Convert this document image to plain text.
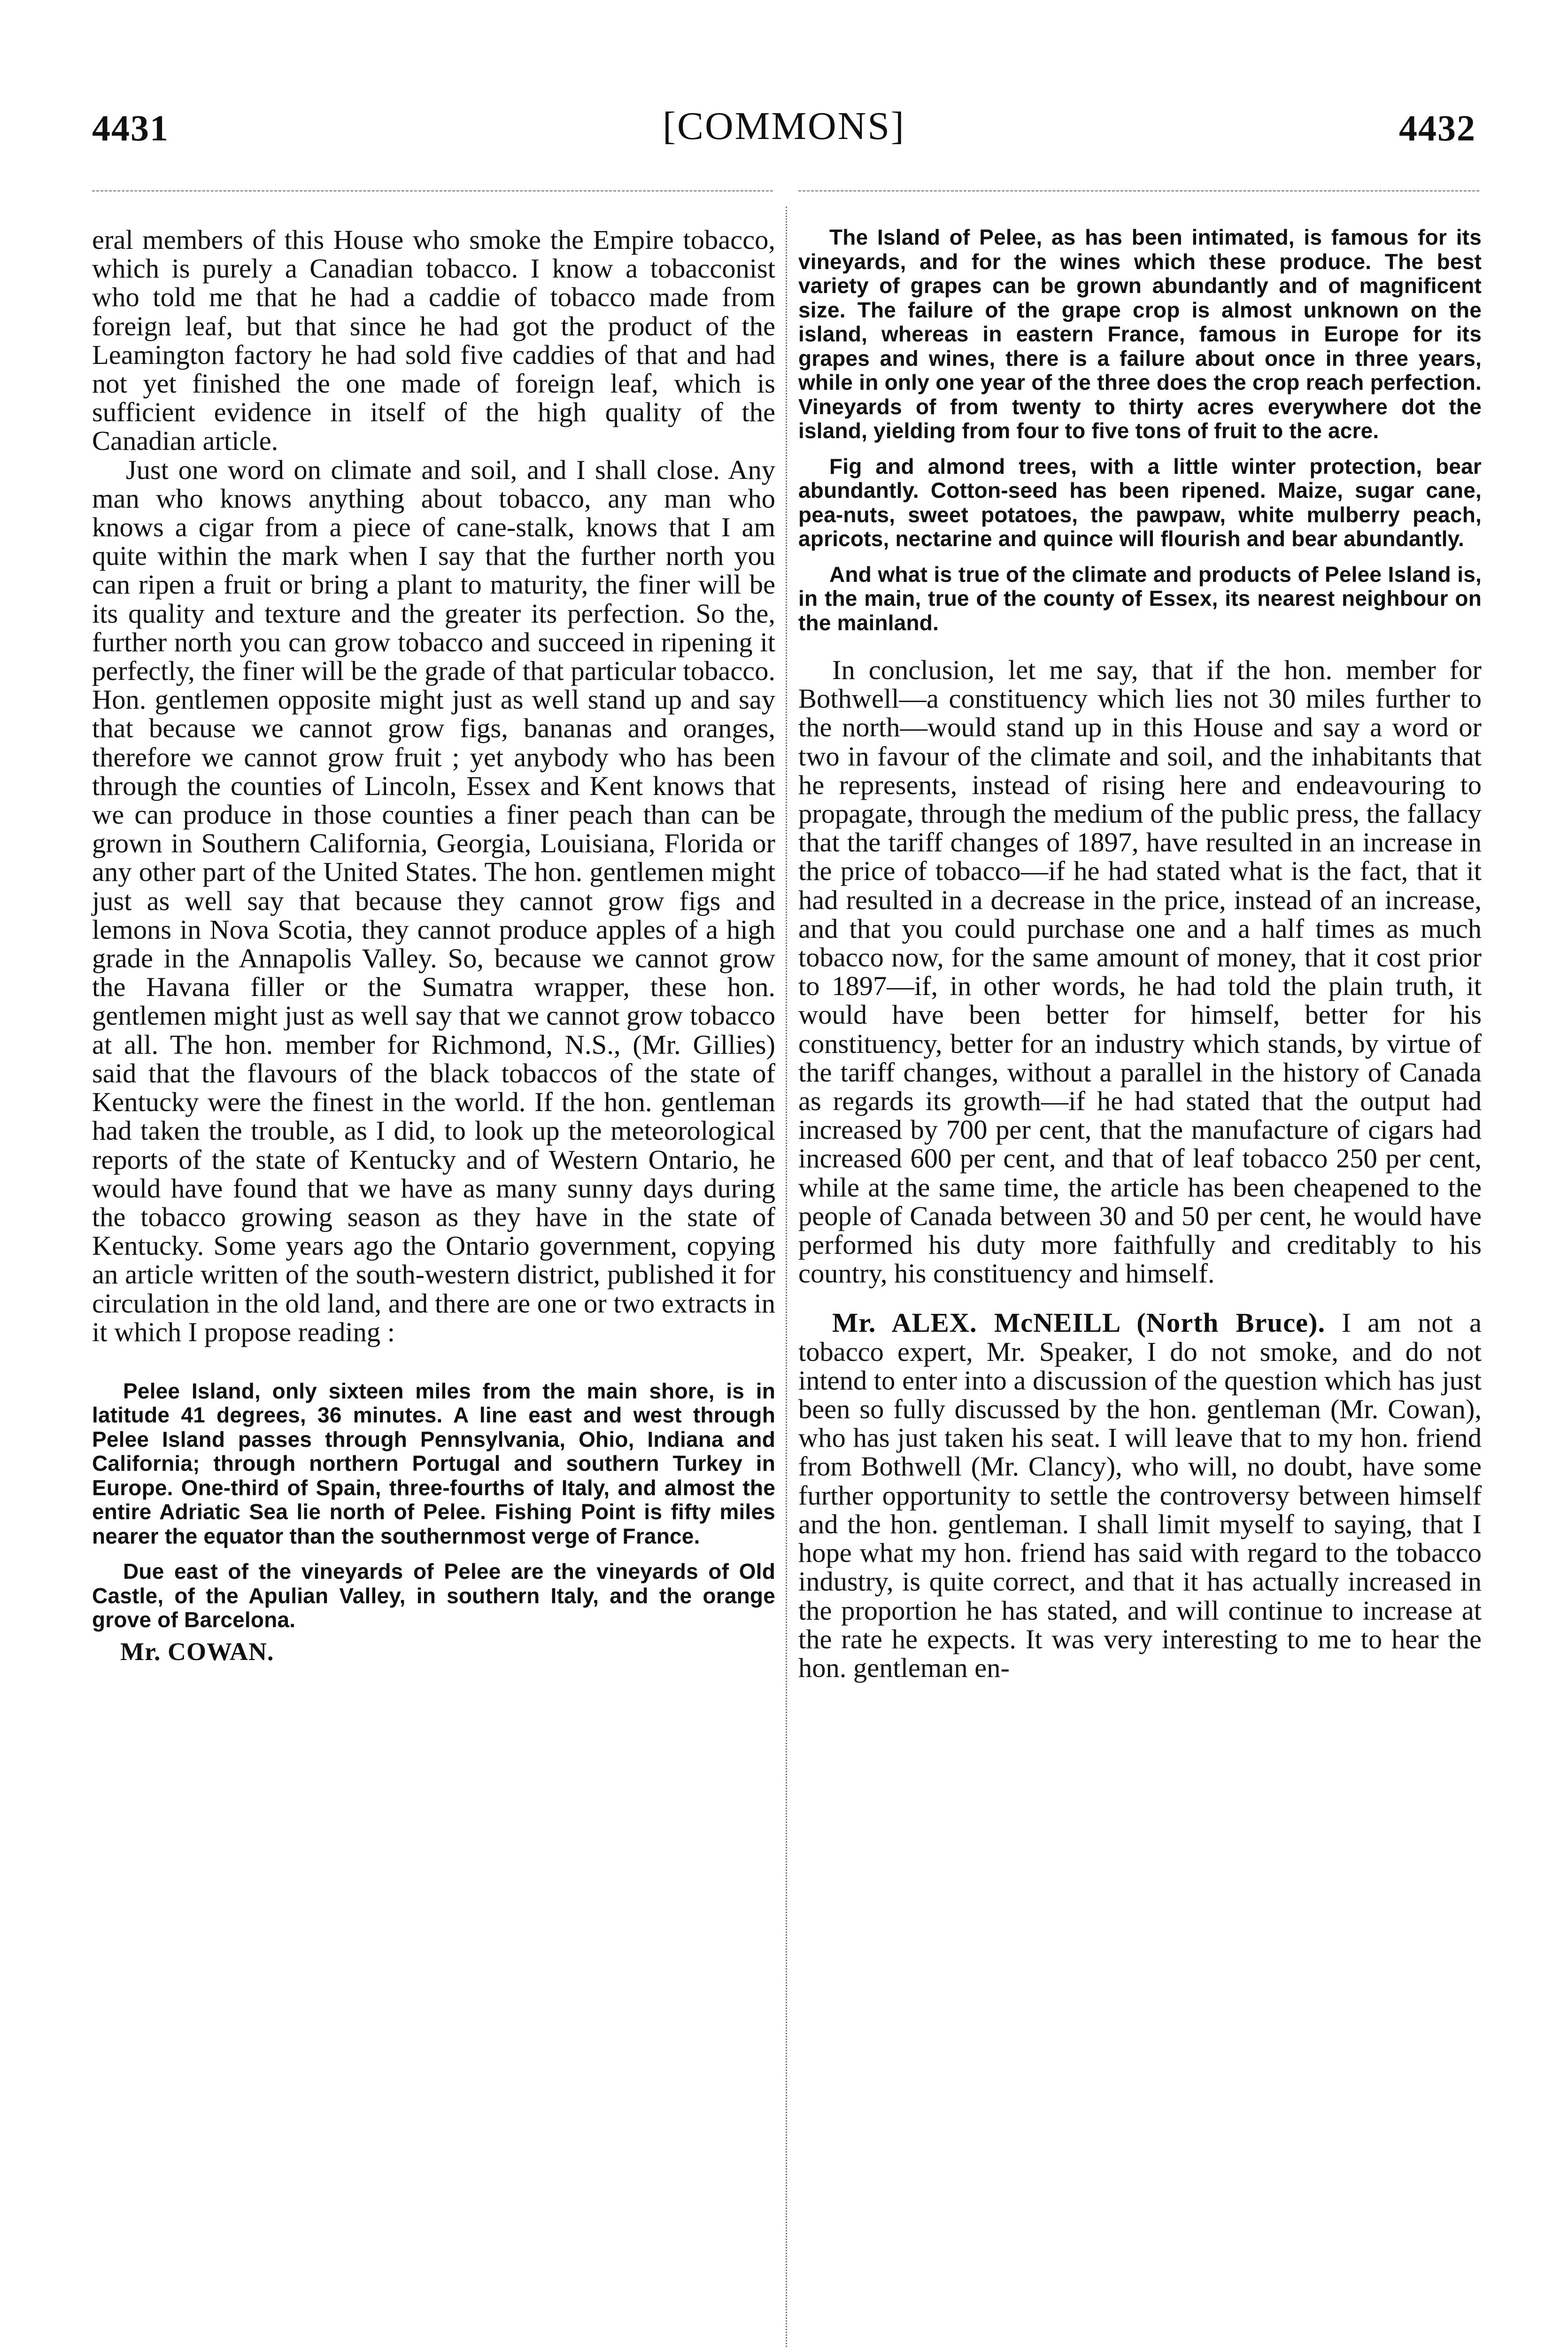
4431	[COMMONS]	4432

eral members of this House who smoke the Empire tobacco, which is purely a Canadian tobacco. I know a tobacconist who told me that he had a caddie of tobacco made from foreign leaf, but that since he had got the product of the Leamington factory he had sold five caddies of that and had not yet finished the one made of foreign leaf, which is sufficient evidence in itself of the high quality of the Canadian article.

Just one word on climate and soil, and I shall close. Any man who knows anything about tobacco, any man who knows a cigar from a piece of cane-stalk, knows that I am quite within the mark when I say that the further north you can ripen a fruit or bring a plant to maturity, the finer will be its quality and texture and the greater its perfection. So the, further north you can grow tobacco and succeed in ripening it perfectly, the finer will be the grade of that particular tobacco. Hon. gentlemen opposite might just as well stand up and say that because we cannot grow figs, bananas and oranges, therefore we cannot grow fruit ; yet anybody who has been through the counties of Lincoln, Essex and Kent knows that we can produce in those counties a finer peach than can be grown in Southern California, Georgia, Louisiana, Florida or any other part of the United States. The hon. gentlemen might just as well say that because they cannot grow figs and lemons in Nova Scotia, they cannot produce apples of a high grade in the Annapolis Valley. So, because we cannot grow the Havana filler or the Sumatra wrapper, these hon. gentlemen might just as well say that we cannot grow tobacco at all. The hon. member for Richmond, N.S., (Mr. Gillies) said that the flavours of the black tobaccos of the state of Kentucky were the finest in the world. If the hon. gentleman had taken the trouble, as I did, to look up the meteorological reports of the state of Kentucky and of Western Ontario, he would have found that we have as many sunny days during the tobacco growing season as they have in the state of Kentucky. Some years ago the Ontario government, copying an article written of the south-western district, published it for circulation in the old land, and there are one or two extracts in it which I propose reading :

Pelee Island, only sixteen miles from the main shore, is in latitude 41 degrees, 36 minutes. A line east and west through Pelee Island passes through Pennsylvania, Ohio, Indiana and California; through northern Portugal and southern Turkey in Europe. One-third of Spain, three-fourths of Italy, and almost the entire Adriatic Sea lie north of Pelee. Fishing Point is fifty miles nearer the equator than the southernmost verge of France.

Due east of the vineyards of Pelee are the vineyards of Old Castle, of the Apulian Valley, in southern Italy, and the orange grove of Barcelona.

Mr. COWAN.

The Island of Pelee, as has been intimated, is famous for its vineyards, and for the wines which these produce. The best variety of grapes can be grown abundantly and of magnificent size. The failure of the grape crop is almost unknown on the island, whereas in eastern France, famous in Europe for its grapes and wines, there is a failure about once in three years, while in only one year of the three does the crop reach perfection. Vineyards of from twenty to thirty acres everywhere dot the island, yielding from four to five tons of fruit to the acre.

Fig and almond trees, with a little winter protection, bear abundantly. Cotton-seed has been ripened. Maize, sugar cane, pea-nuts, sweet potatoes, the pawpaw, white mulberry peach, apricots, nectarine and quince will flourish and bear abundantly.

And what is true of the climate and products of Pelee Island is, in the main, true of the county of Essex, its nearest neighbour on the mainland.

In conclusion, let me say, that if the hon. member for Bothwell—a constituency which lies not 30 miles further to the north—would stand up in this House and say a word or two in favour of the climate and soil, and the inhabitants that he represents, instead of rising here and endeavouring to propagate, through the medium of the public press, the fallacy that the tariff changes of 1897, have resulted in an increase in the price of tobacco—if he had stated what is the fact, that it had resulted in a decrease in the price, instead of an increase, and that you could purchase one and a half times as much tobacco now, for the same amount of money, that it cost prior to 1897—if, in other words, he had told the plain truth, it would have been better for himself, better for his constituency, better for an industry which stands, by virtue of the tariff changes, without a parallel in the history of Canada as regards its growth—if he had stated that the output had increased by 700 per cent, that the manufacture of cigars had increased 600 per cent, and that of leaf tobacco 250 per cent, while at the same time, the article has been cheapened to the people of Canada between 30 and 50 per cent, he would have performed his duty more faithfully and creditably to his country, his constituency and himself.

Mr. ALEX. McNEILL (North Bruce). I am not a tobacco expert, Mr. Speaker, I do not smoke, and do not intend to enter into a discussion of the question which has just been so fully discussed by the hon. gentleman (Mr. Cowan), who has just taken his seat. I will leave that to my hon. friend from Bothwell (Mr. Clancy), who will, no doubt, have some further opportunity to settle the controversy between himself and the hon. gentleman. I shall limit myself to saying, that I hope what my hon. friend has said with regard to the tobacco industry, is quite correct, and that it has actually increased in the proportion he has stated, and will continue to increase at the rate he expects. It was very interesting to me to hear the hon. gentleman en-
